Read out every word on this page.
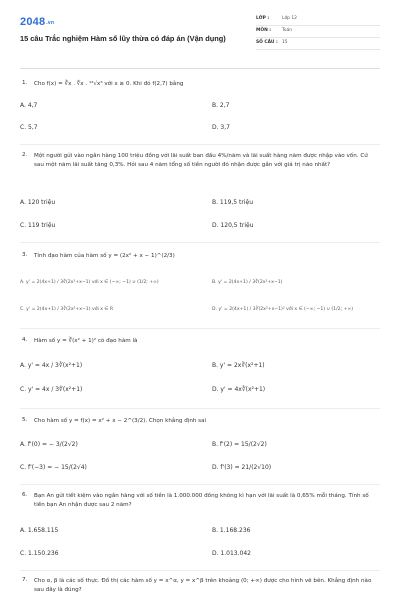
2048.vn
15 câu Trắc nghiệm Hàm số lũy thừa có đáp án (Vận dụng)
LỚP :	Lớp 12
MÔN : Toán
SỐ CÂU : 15
1. Cho f(x) = ∛x . ∜x . ¹²√x⁵ với x ≥ 0. Khi đó f(2,7) bằng
A. 4,7	B. 2,7
C. 5,7	D. 3,7
2. Một người gửi vào ngân hàng 100 triệu đồng với lãi suất ban đầu 4%/năm và lãi suất hàng năm được nhập vào vốn. Cứ sau một năm lãi suất tăng 0,3%. Hỏi sau 4 năm tổng số tiền người đó nhận được gần với giá trị nào nhất?
A. 120 triệu	B. 119,5 triệu
C. 119 triệu	D. 120,5 triệu
3. Tính đạo hàm của hàm số y = (2x² + x − 1)^(2/3)
A. y' = 2(4x+1) / 3∛(2x²+x−1) với x ∈ (−∞; −1) ∪ (1/2; +∞)	B. y' = 2(4x+1) / 3∛(2x²+x−1)
C. y' = 2(4x+1) / 3∛(2x²+x−1) với x ∈ R	D. y' = 2(4x+1) / 3∛(2x²+x−1)² với x ∈ (−∞; −1) ∪ (1/2; +∞)
4. Hàm số y = ∛(x² + 1)² có đạo hàm là
A. y' = 4x / 3∛(x²+1)	B. y' = 2x∛(x²+1)
C. y' = 4x / 3∜(x²+1)	D. y' = 4x∛(x²+1)
5. Cho hàm số y = f(x) = x² + x − 2^(3/2). Chọn khẳng định sai
A. f'(0) = − 3/(2√2)	B. f'(2) = 15/(2√2)
C. f'(−3) = − 15/(2√4)	D. f'(3) = 21/(2√10)
6. Bạn An gửi tiết kiệm vào ngân hàng với số tiền là 1.000.000 đồng không kì hạn với lãi suất là 0,65% mỗi tháng. Tính số tiền bạn An nhận được sau 2 năm?
A. 1.658.115	B. 1.168.236
C. 1.150.236	D. 1.013.042
7. Cho α, β là các số thực. Đồ thị các hàm số y = x^α, y = x^β trên khoảng (0; +∞) được cho hình vẽ bên. Khẳng định nào sau đây là đúng?
